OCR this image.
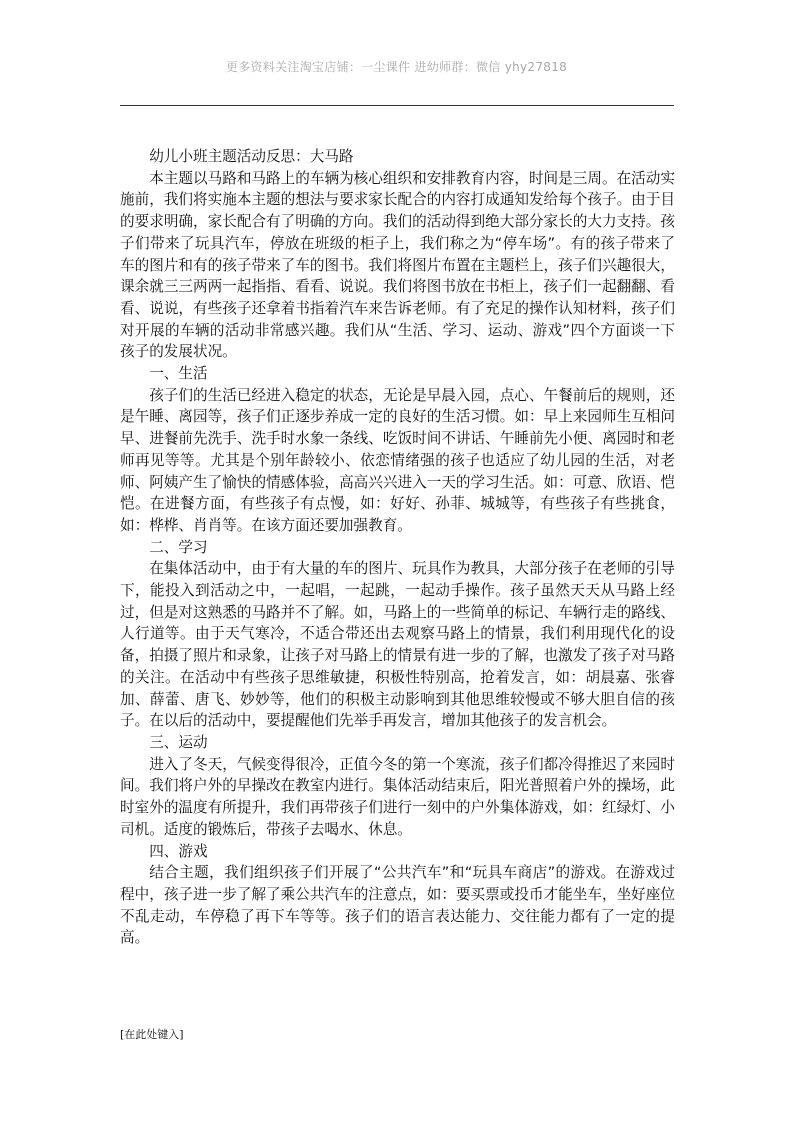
更多资料关注淘宝店铺：一尘课件 进幼师群：微信 yhy27818

幼儿小班主题活动反思：大马路

本主题以马路和马路上的车辆为核心组织和安排教育内容，时间是三周。在活动实施前，我们将实施本主题的想法与要求家长配合的内容打成通知发给每个孩子。由于目的要求明确，家长配合有了明确的方向。我们的活动得到绝大部分家长的大力支持。孩子们带来了玩具汽车，停放在班级的柜子上，我们称之为“停车场”。有的孩子带来了车的图片和有的孩子带来了车的图书。我们将图片布置在主题栏上，孩子们兴趣很大，课余就三三两两一起指指、看看、说说。我们将图书放在书柜上，孩子们一起翻翻、看看、说说，有些孩子还拿着书指着汽车来告诉老师。有了充足的操作认知材料，孩子们对开展的车辆的活动非常感兴趣。我们从“生活、学习、运动、游戏”四个方面谈一下孩子的发展状况。

一、生活

孩子们的生活已经进入稳定的状态，无论是早晨入园，点心、午餐前后的规则，还是午睡、离园等，孩子们正逐步养成一定的良好的生活习惯。如：早上来园师生互相问早、进餐前先洗手、洗手时水象一条线、吃饭时间不讲话、午睡前先小便、离园时和老师再见等等。尤其是个别年龄较小、依恋情绪强的孩子也适应了幼儿园的生活，对老师、阿姨产生了愉快的情感体验，高高兴兴进入一天的学习生活。如：可意、欣语、恺恺。在进餐方面，有些孩子有点慢，如：好好、孙菲、城城等，有些孩子有些挑食，如：桦桦、肖肖等。在该方面还要加强教育。

二、学习

在集体活动中，由于有大量的车的图片、玩具作为教具，大部分孩子在老师的引导下，能投入到活动之中，一起唱，一起跳，一起动手操作。孩子虽然天天从马路上经过，但是对这熟悉的马路并不了解。如，马路上的一些简单的标记、车辆行走的路线、人行道等。由于天气寒冷，不适合带还出去观察马路上的情景，我们利用现代化的设备，拍摄了照片和录象，让孩子对马路上的情景有进一步的了解，也激发了孩子对马路的关注。在活动中有些孩子思维敏捷，积极性特别高，抢着发言，如：胡晨嘉、张睿加、薛蕾、唐飞、妙妙等，他们的积极主动影响到其他思维较慢或不够大胆自信的孩子。在以后的活动中，要提醒他们先举手再发言，增加其他孩子的发言机会。

三、运动

进入了冬天，气候变得很冷，正值今冬的第一个寒流，孩子们都冷得推迟了来园时间。我们将户外的早操改在教室内进行。集体活动结束后，阳光普照着户外的操场，此时室外的温度有所提升，我们再带孩子们进行一刻中的户外集体游戏，如：红绿灯、小司机。适度的锻炼后，带孩子去喝水、休息。

四、游戏

结合主题，我们组织孩子们开展了“公共汽车”和“玩具车商店”的游戏。在游戏过程中，孩子进一步了解了乘公共汽车的注意点，如：要买票或投币才能坐车，坐好座位不乱走动，车停稳了再下车等等。孩子们的语言表达能力、交往能力都有了一定的提高。

[在此处键入]
